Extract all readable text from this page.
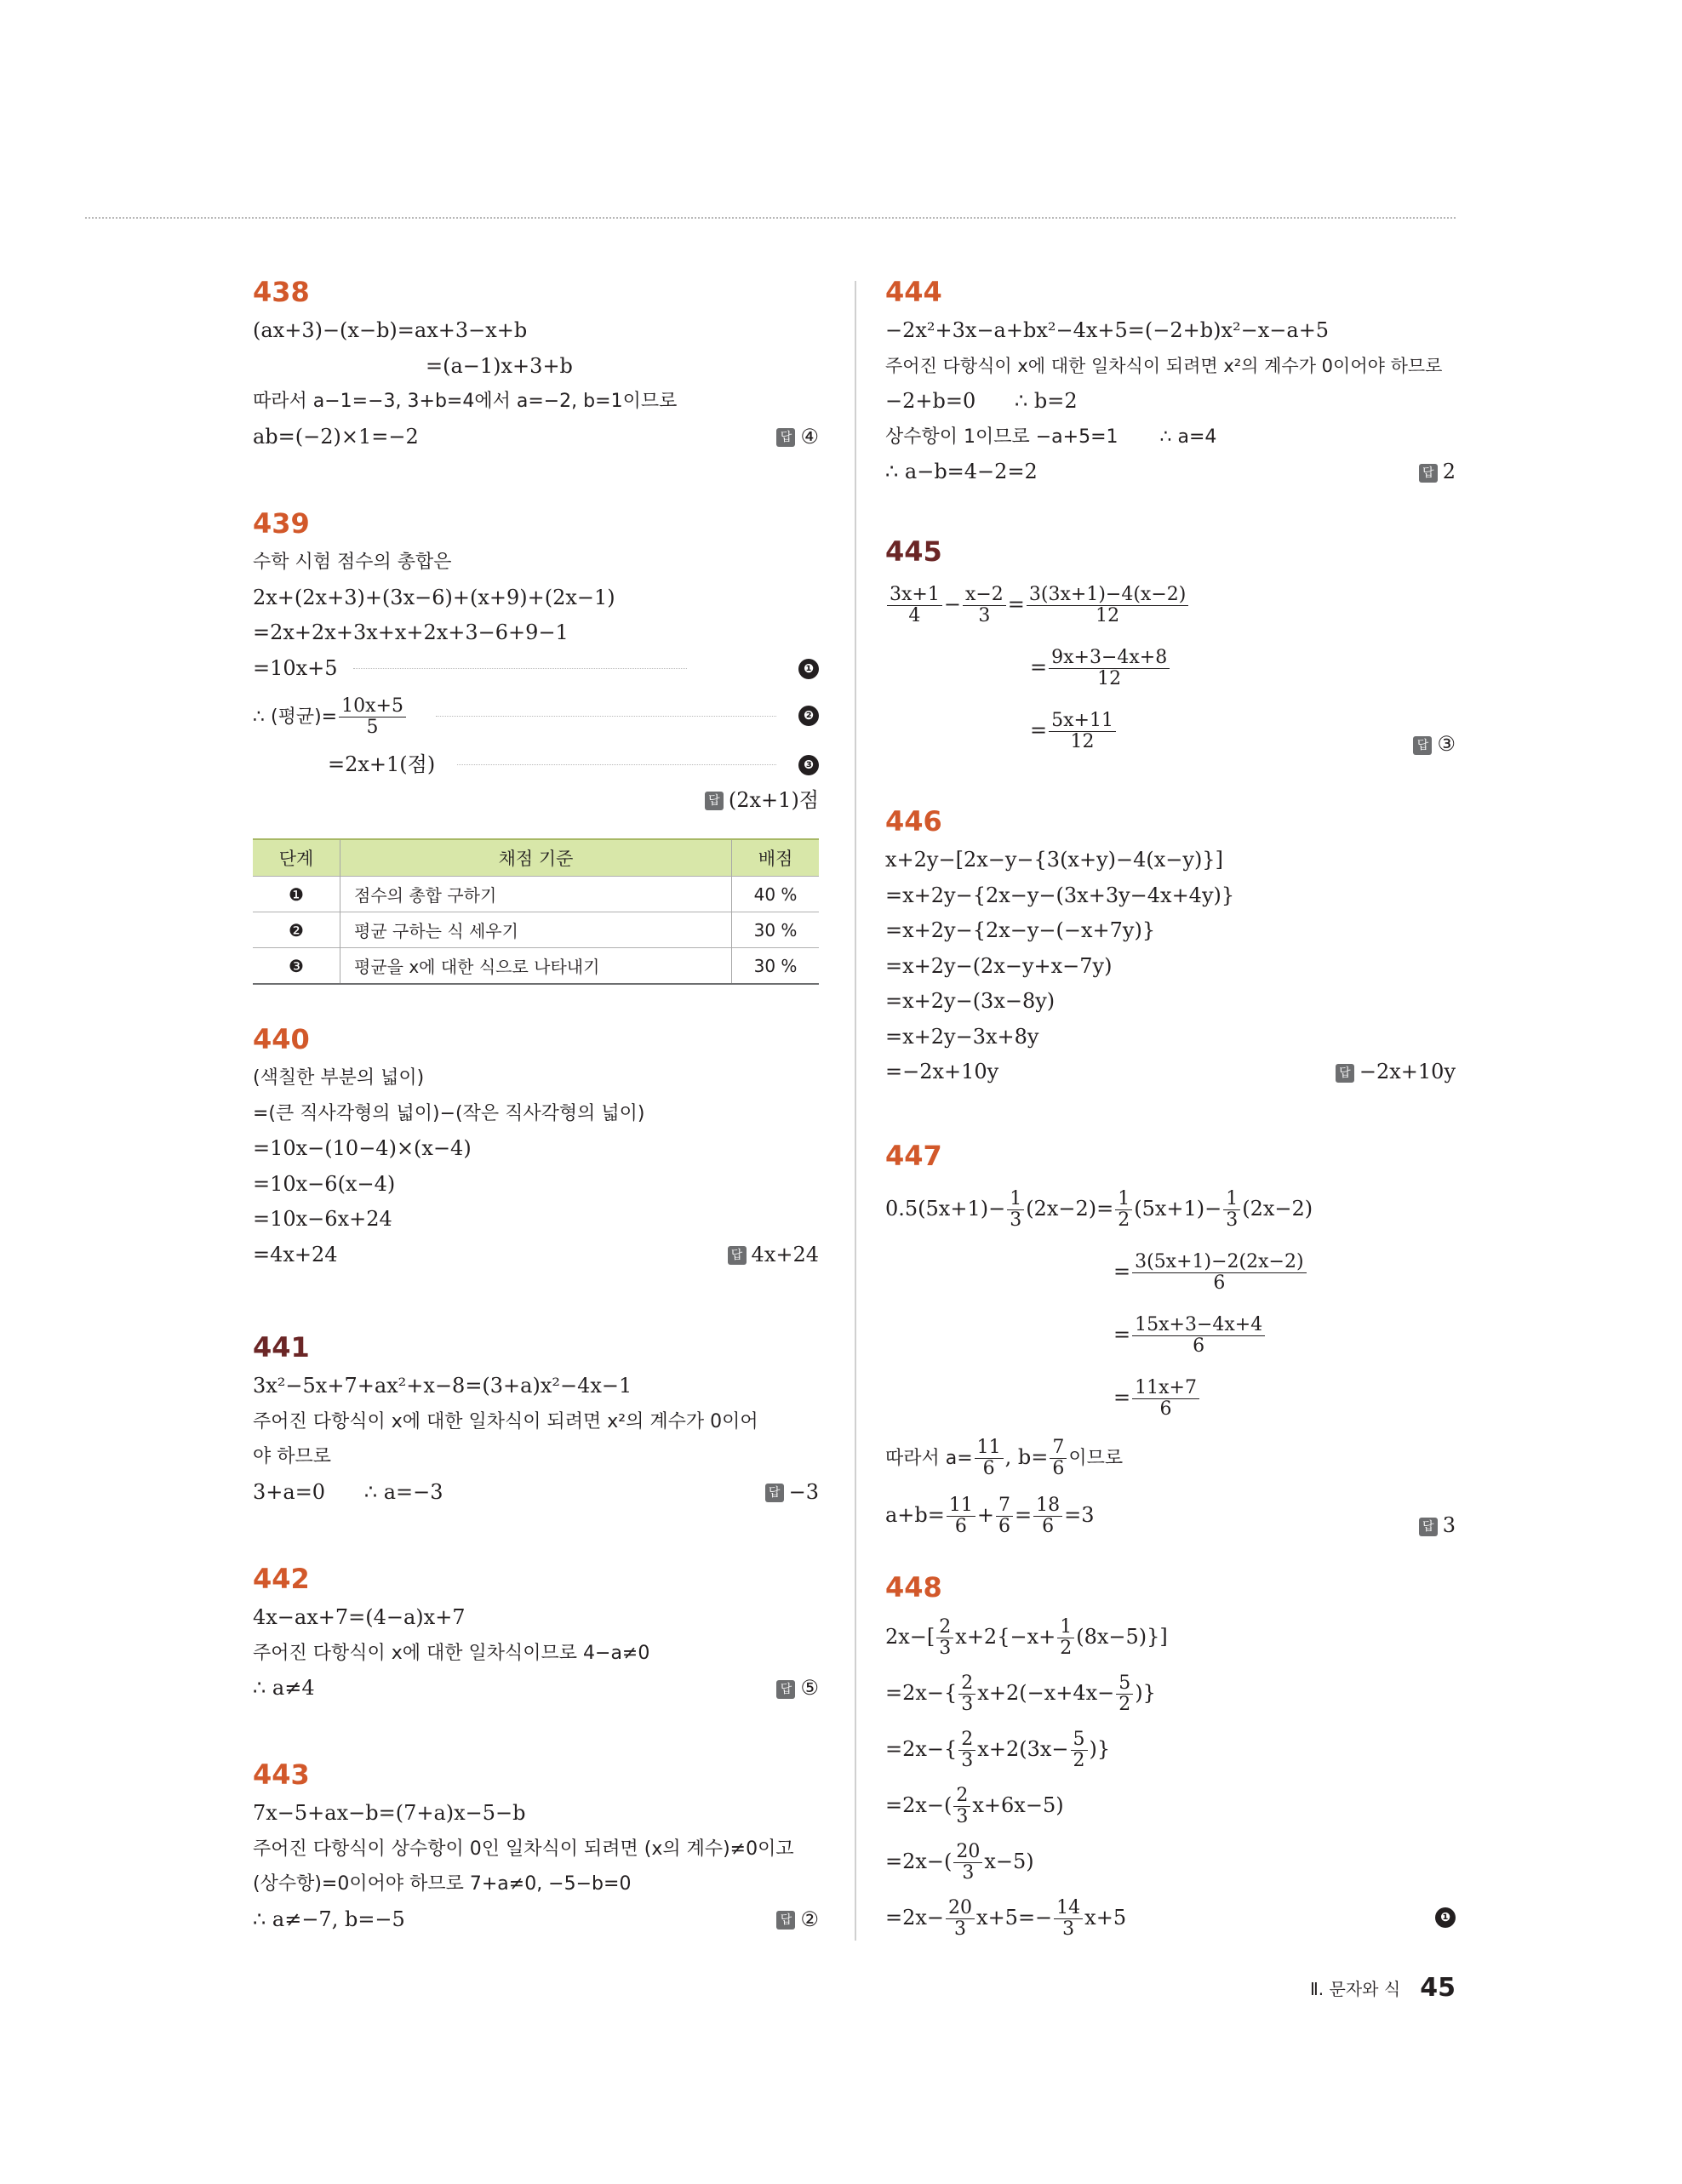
438
(ax+3)−(x−b)=ax+3−x+b
=(a−1)x+3+b
따라서 a−1=−3, 3+b=4에서 a=−2, b=1이므로
ab=(−2)×1=−2	답 ④
439
수학 시험 점수의 총합은
2x+(2x+3)+(3x−6)+(x+9)+(2x−1)
=2x+2x+3x+x+2x+3−6+9−1
=10x+5	❶
∴ (평균)= $\frac{10x+5}{5}$	❷
=2x+1(점)	❸
답 (2x+1)점
단계	채점 기준	배점
❶	점수의 총합 구하기	40 %
❷	평균 구하는 식 세우기	30 %
❸	평균을 x에 대한 식으로 나타내기	30 %
440
(색칠한 부분의 넓이)
=(큰 직사각형의 넓이)−(작은 직사각형의 넓이)
=10x−(10−4)×(x−4)
=10x−6(x−4)
=10x−6x+24
=4x+24	답 4x+24
441
3x²−5x+7+ax²+x−8=(3+a)x²−4x−1
주어진 다항식이 x에 대한 일차식이 되려면 x²의 계수가 0이어야 하므로
3+a=0      ∴ a=−3	답 −3
442
4x−ax+7=(4−a)x+7
주어진 다항식이 x에 대한 일차식이므로 4−a≠0
∴ a≠4	답 ⑤
443
7x−5+ax−b=(7+a)x−5−b
주어진 다항식이 상수항이 0인 일차식이 되려면 (x의 계수)≠0이고
(상수항)=0이어야 하므로 7+a≠0, −5−b=0
∴ a≠−7, b=−5	답 ②
444
−2x²+3x−a+bx²−4x+5=(−2+b)x²−x−a+5
주어진 다항식이 x에 대한 일차식이 되려면 x²의 계수가 0이어야 하므로
−2+b=0      ∴ b=2
상수항이 1이므로 −a+5=1       ∴ a=4
∴ a−b=4−2=2	답 2
445
$\frac{3x+1}{4} - \frac{x-2}{3} = \frac{3(3x+1)-4(x-2)}{12}$
= $\frac{9x+3-4x+8}{12}$
= $\frac{5x+11}{12}$	답 ③
446
x+2y−[2x−y−{3(x+y)−4(x−y)}]
=x+2y−{2x−y−(3x+3y−4x+4y)}
=x+2y−{2x−y−(−x+7y)}
=x+2y−(2x−y+x−7y)
=x+2y−(3x−8y)
=x+2y−3x+8y
=−2x+10y	답 −2x+10y
447
$0.5(5x+1)- \frac{1}{3} (2x-2)= \frac{1}{2} (5x+1)- \frac{1}{3} (2x-2)$
= $\frac{3(5x+1)-2(2x-2)}{6}$
= $\frac{15x+3-4x+4}{6}$
= $\frac{11x+7}{6}$
따라서 $a= \frac{11}{6}$ , $b= \frac{7}{6}$ 이므로
$a+b= \frac{11}{6} + \frac{7}{6} = \frac{18}{6} =3$	답 3
448
$2x-[ \frac{2}{3} x+2\{-x+ \frac{1}{2} (8x-5)\}]$
$=2x-\{ \frac{2}{3} x+2(-x+4x- \frac{5}{2}$ )}
$=2x-\{ \frac{2}{3} x+2(3x- \frac{5}{2}$ )}
$=2x-( \frac{2}{3} x+6x-5)$
$=2x-( \frac{20}{3} x-5)$
$=2x- \frac{20}{3} x+5=- \frac{14}{3} x+5$	❶
Ⅱ. 문자와 식 45
